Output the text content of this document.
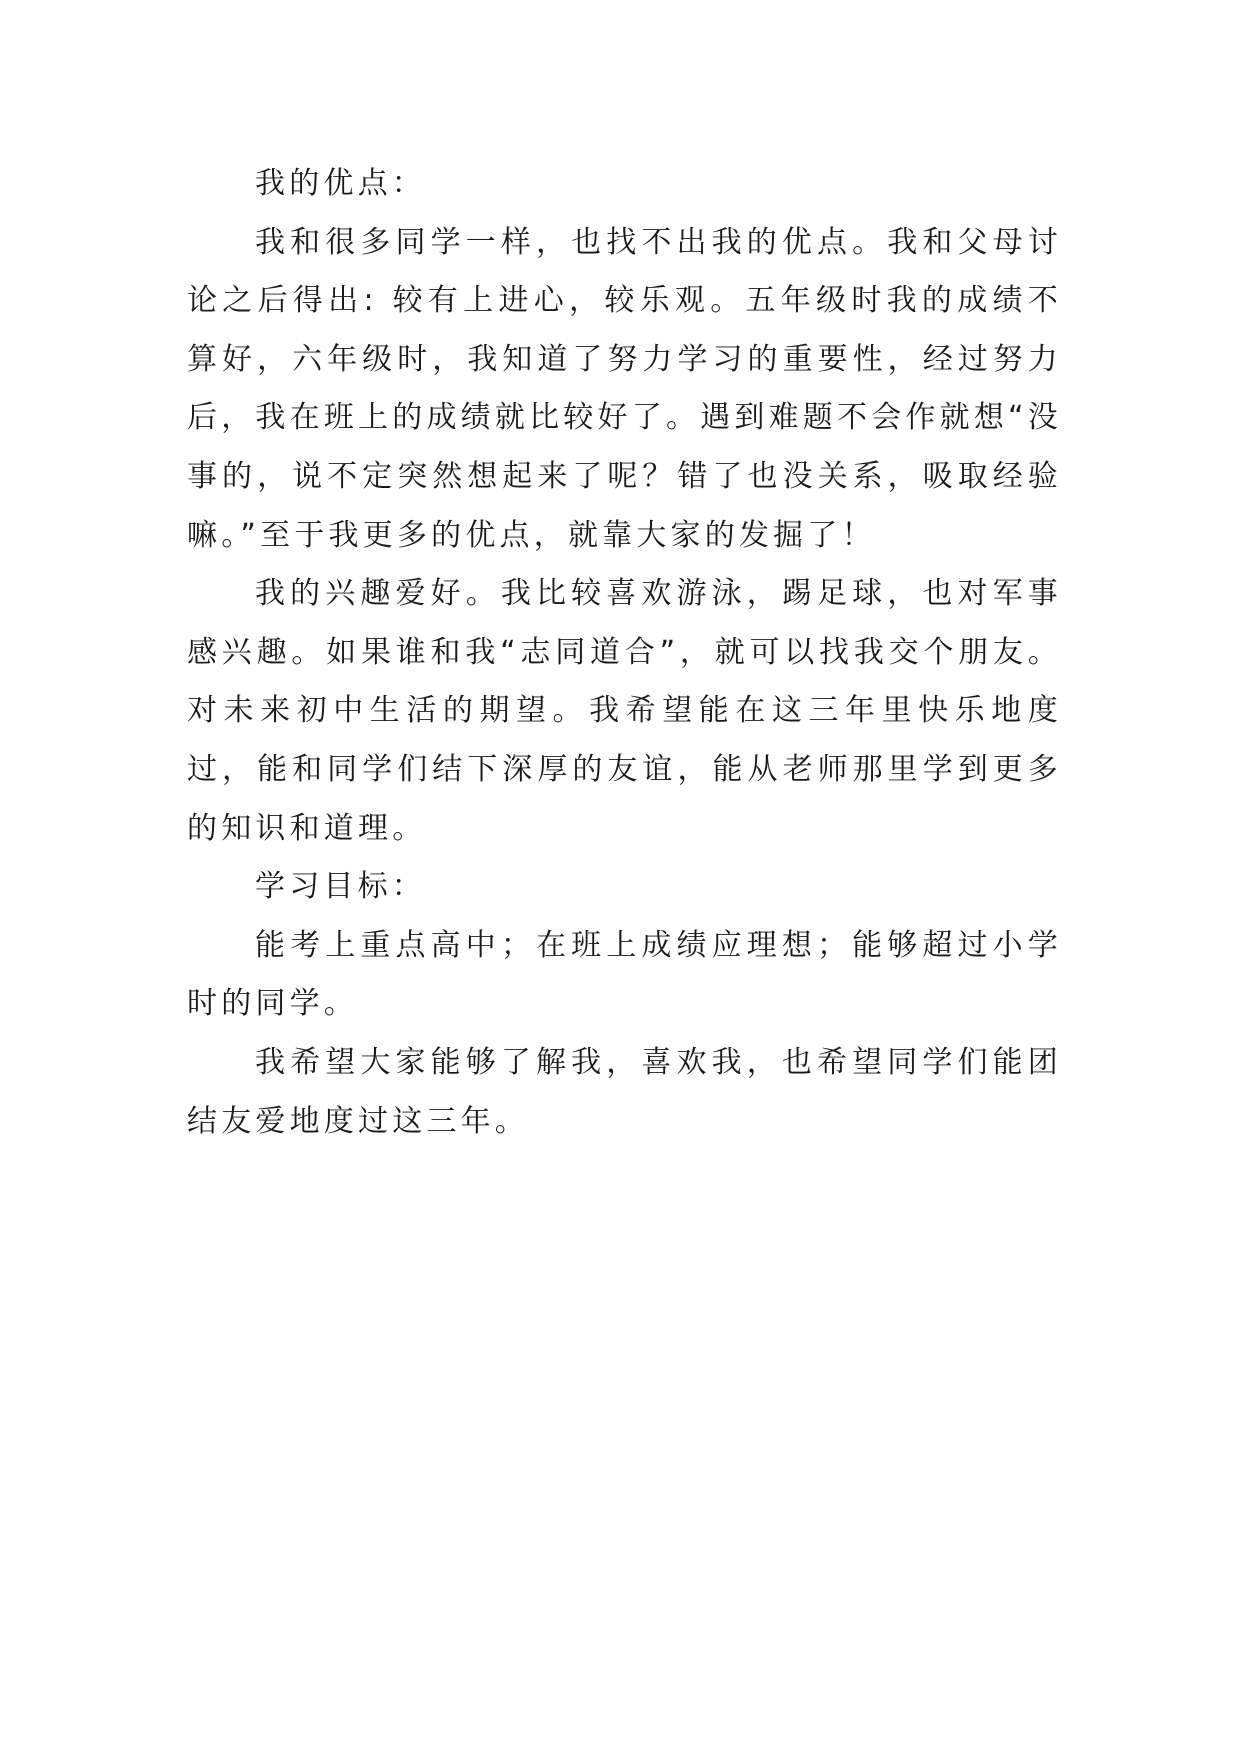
我的优点：

我和很多同学一样，也找不出我的优点。我和父母讨论之后得出: 较有上进心，较乐观。五年级时我的成绩不算好，六年级时，我知道了努力学习的重要性，经过努力后，我在班上的成绩就比较好了。遇到难题不会作就想“没事的，说不定突然想起来了呢？错了也没关系，吸取经验嘛。”至于我更多的优点，就靠大家的发掘了！

我的兴趣爱好。我比较喜欢游泳，踢足球，也对军事感兴趣。如果谁和我“志同道合”，就可以找我交个朋友。对未来初中生活的期望。我希望能在这三年里快乐地度过，能和同学们结下深厚的友谊，能从老师那里学到更多的知识和道理。

学习目标：

能考上重点高中；在班上成绩应理想；能够超过小学时的同学。

我希望大家能够了解我，喜欢我，也希望同学们能团结友爱地度过这三年。
